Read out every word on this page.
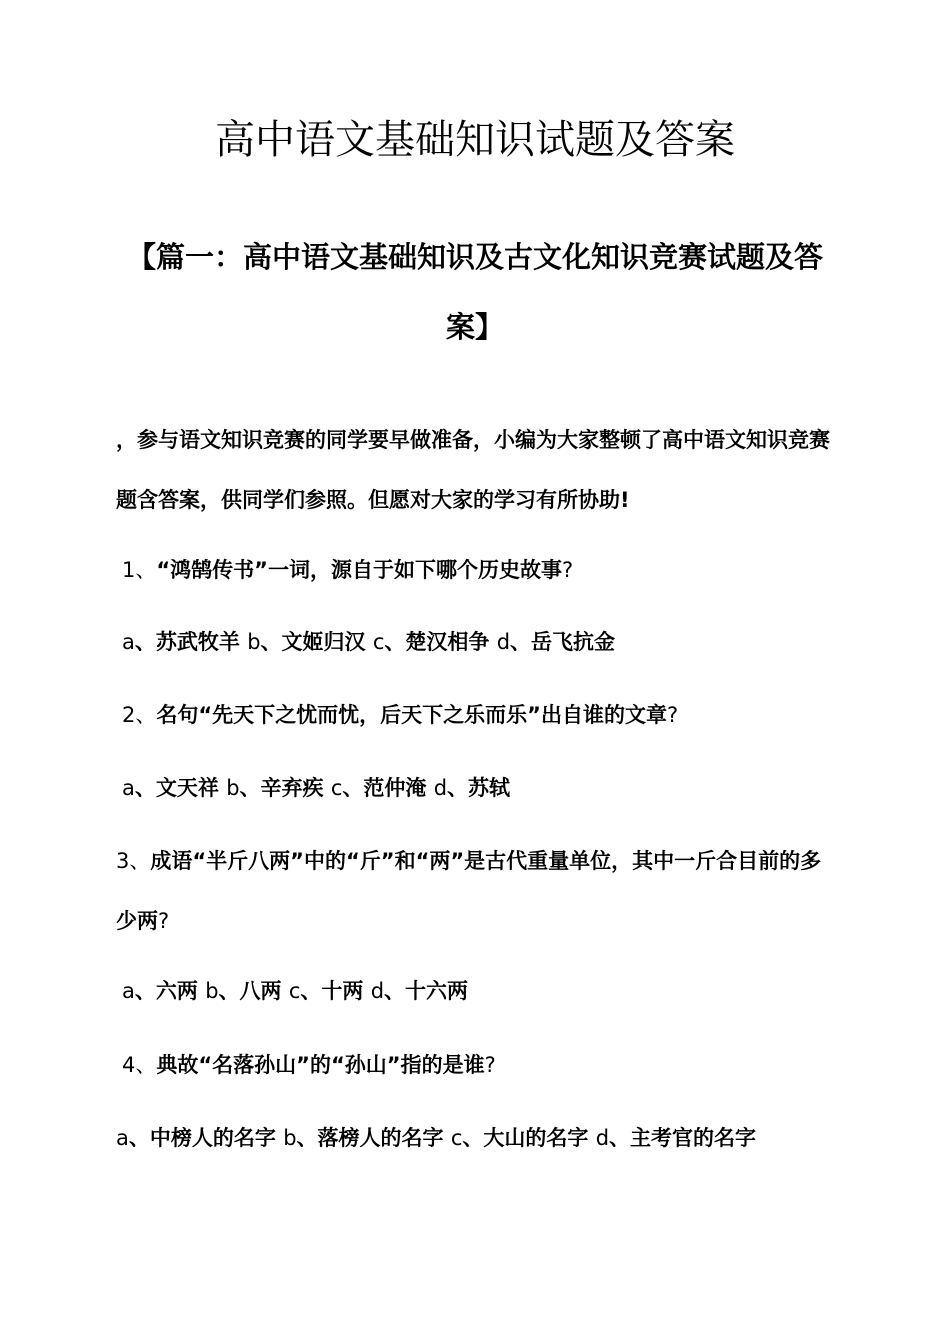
高中语文基础知识试题及答案
【篇一：高中语文基础知识及古文化知识竞赛试题及答案】

，参与语文知识竞赛的同学要早做准备，小编为大家整顿了高中语文知识竞赛题含答案，供同学们参照。但愿对大家的学习有所协助!

1、“鸿鹄传书”一词，源自于如下哪个历史故事?

a、苏武牧羊 b、文姬归汉 c、楚汉相争 d、岳飞抗金

2、名句“先天下之忧而忧，后天下之乐而乐”出自谁的文章?

a、文天祥 b、辛弃疾 c、范仲淹 d、苏轼

3、成语“半斤八两”中的“斤”和“两”是古代重量单位，其中一斤合目前的多少两?

a、六两 b、八两 c、十两 d、十六两

4、典故“名落孙山”的“孙山”指的是谁?

a、中榜人的名字 b、落榜人的名字 c、大山的名字 d、主考官的名字
